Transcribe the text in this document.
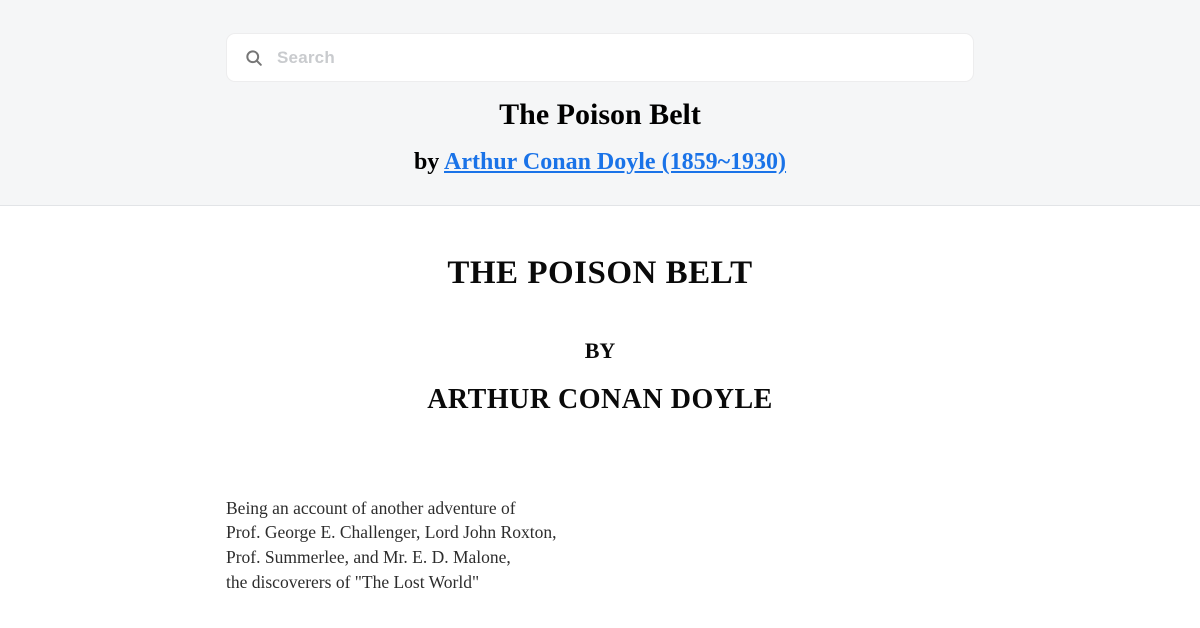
Search
The Poison Belt
by Arthur Conan Doyle (1859~1930)
THE POISON BELT
BY
ARTHUR CONAN DOYLE
Being an account of another adventure of
Prof. George E. Challenger, Lord John Roxton,
Prof. Summerlee, and Mr. E. D. Malone,
the discoverers of "The Lost World"
